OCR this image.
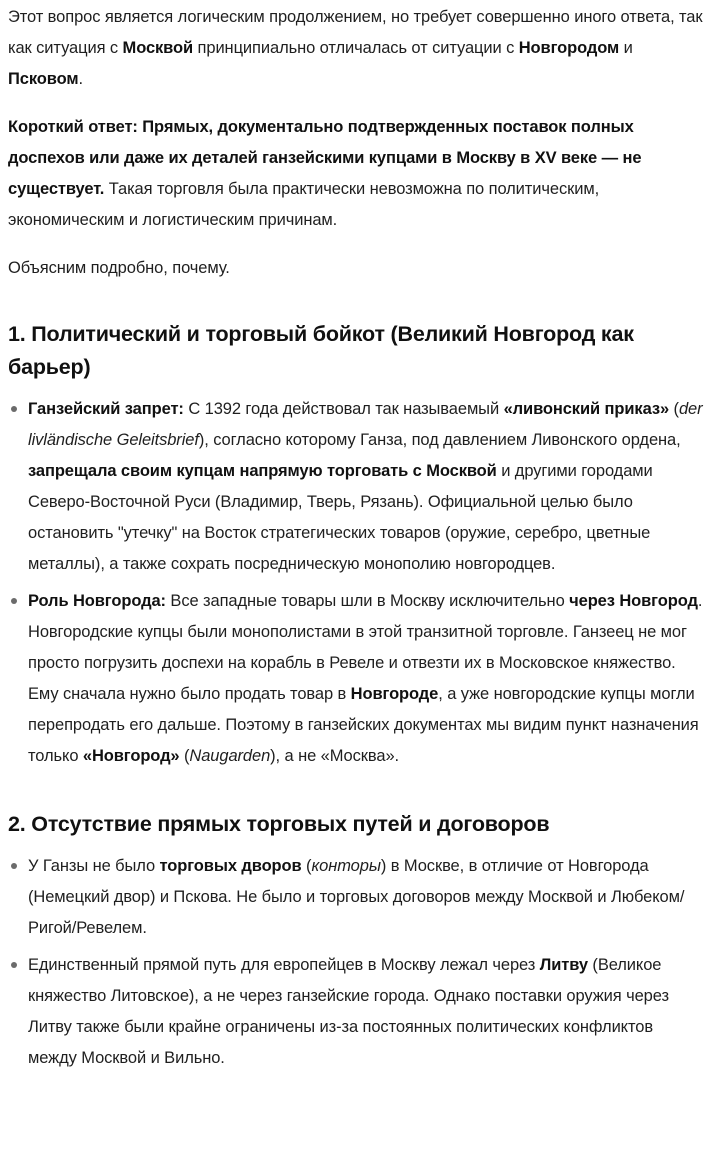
Этот вопрос является логическим продолжением, но требует совершенно иного ответа, так как ситуация с Москвой принципиально отличалась от ситуации с Новгородом и Псковом.

Короткий ответ: Прямых, документально подтвержденных поставок полных доспехов или даже их деталей ганзейскими купцами в Москву в XV веке — не существует. Такая торговля была практически невозможна по политическим, экономическим и логистическим причинам.

Объясним подробно, почему.

1. Политический и торговый бойкот (Великий Новгород как барьер)
Ганзейский запрет: С 1392 года действовал так называемый «ливонский приказ» (der livländische Geleitsbrief), согласно которому Ганза, под давлением Ливонского ордена, запрещала своим купцам напрямую торговать с Москвой и другими городами Северо-Восточной Руси (Владимир, Тверь, Рязань). Официальной целью было остановить "утечку" на Восток стратегических товаров (оружие, серебро, цветные металлы), а также сохрать посредническую монополию новгородцев.
Роль Новгорода: Все западные товары шли в Москву исключительно через Новгород. Новгородские купцы были монополистами в этой транзитной торговле. Ганзеец не мог просто погрузить доспехи на корабль в Ревеле и отвезти их в Московское княжество. Ему сначала нужно было продать товар в Новгороде, а уже новгородские купцы могли перепродать его дальше. Поэтому в ганзейских документах мы видим пункт назначения только «Новгород» (Naugarden), а не «Москва».
2. Отсутствие прямых торговых путей и договоров
У Ганзы не было торговых дворов (конторы) в Москве, в отличие от Новгорода (Немецкий двор) и Пскова. Не было и торговых договоров между Москвой и Любеком/Ригой/Ревелем.
Единственный прямой путь для европейцев в Москву лежал через Литву (Великое княжество Литовское), а не через ганзейские города. Однако поставки оружия через Литву также были крайне ограничены из-за постоянных политических конфликтов между Москвой и Вильно.
